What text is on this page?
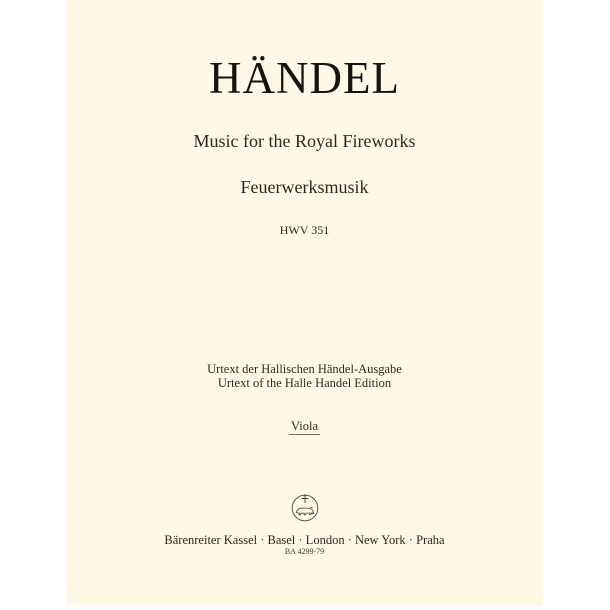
HÄNDEL
Music for the Royal Fireworks
Feuerwerksmusik
HWV 351
Urtext der Hallischen Händel-Ausgabe
Urtext of the Halle Handel Edition
Viola
Bärenreiter Kassel · Basel · London · New York · Praha
BA 4299-79
